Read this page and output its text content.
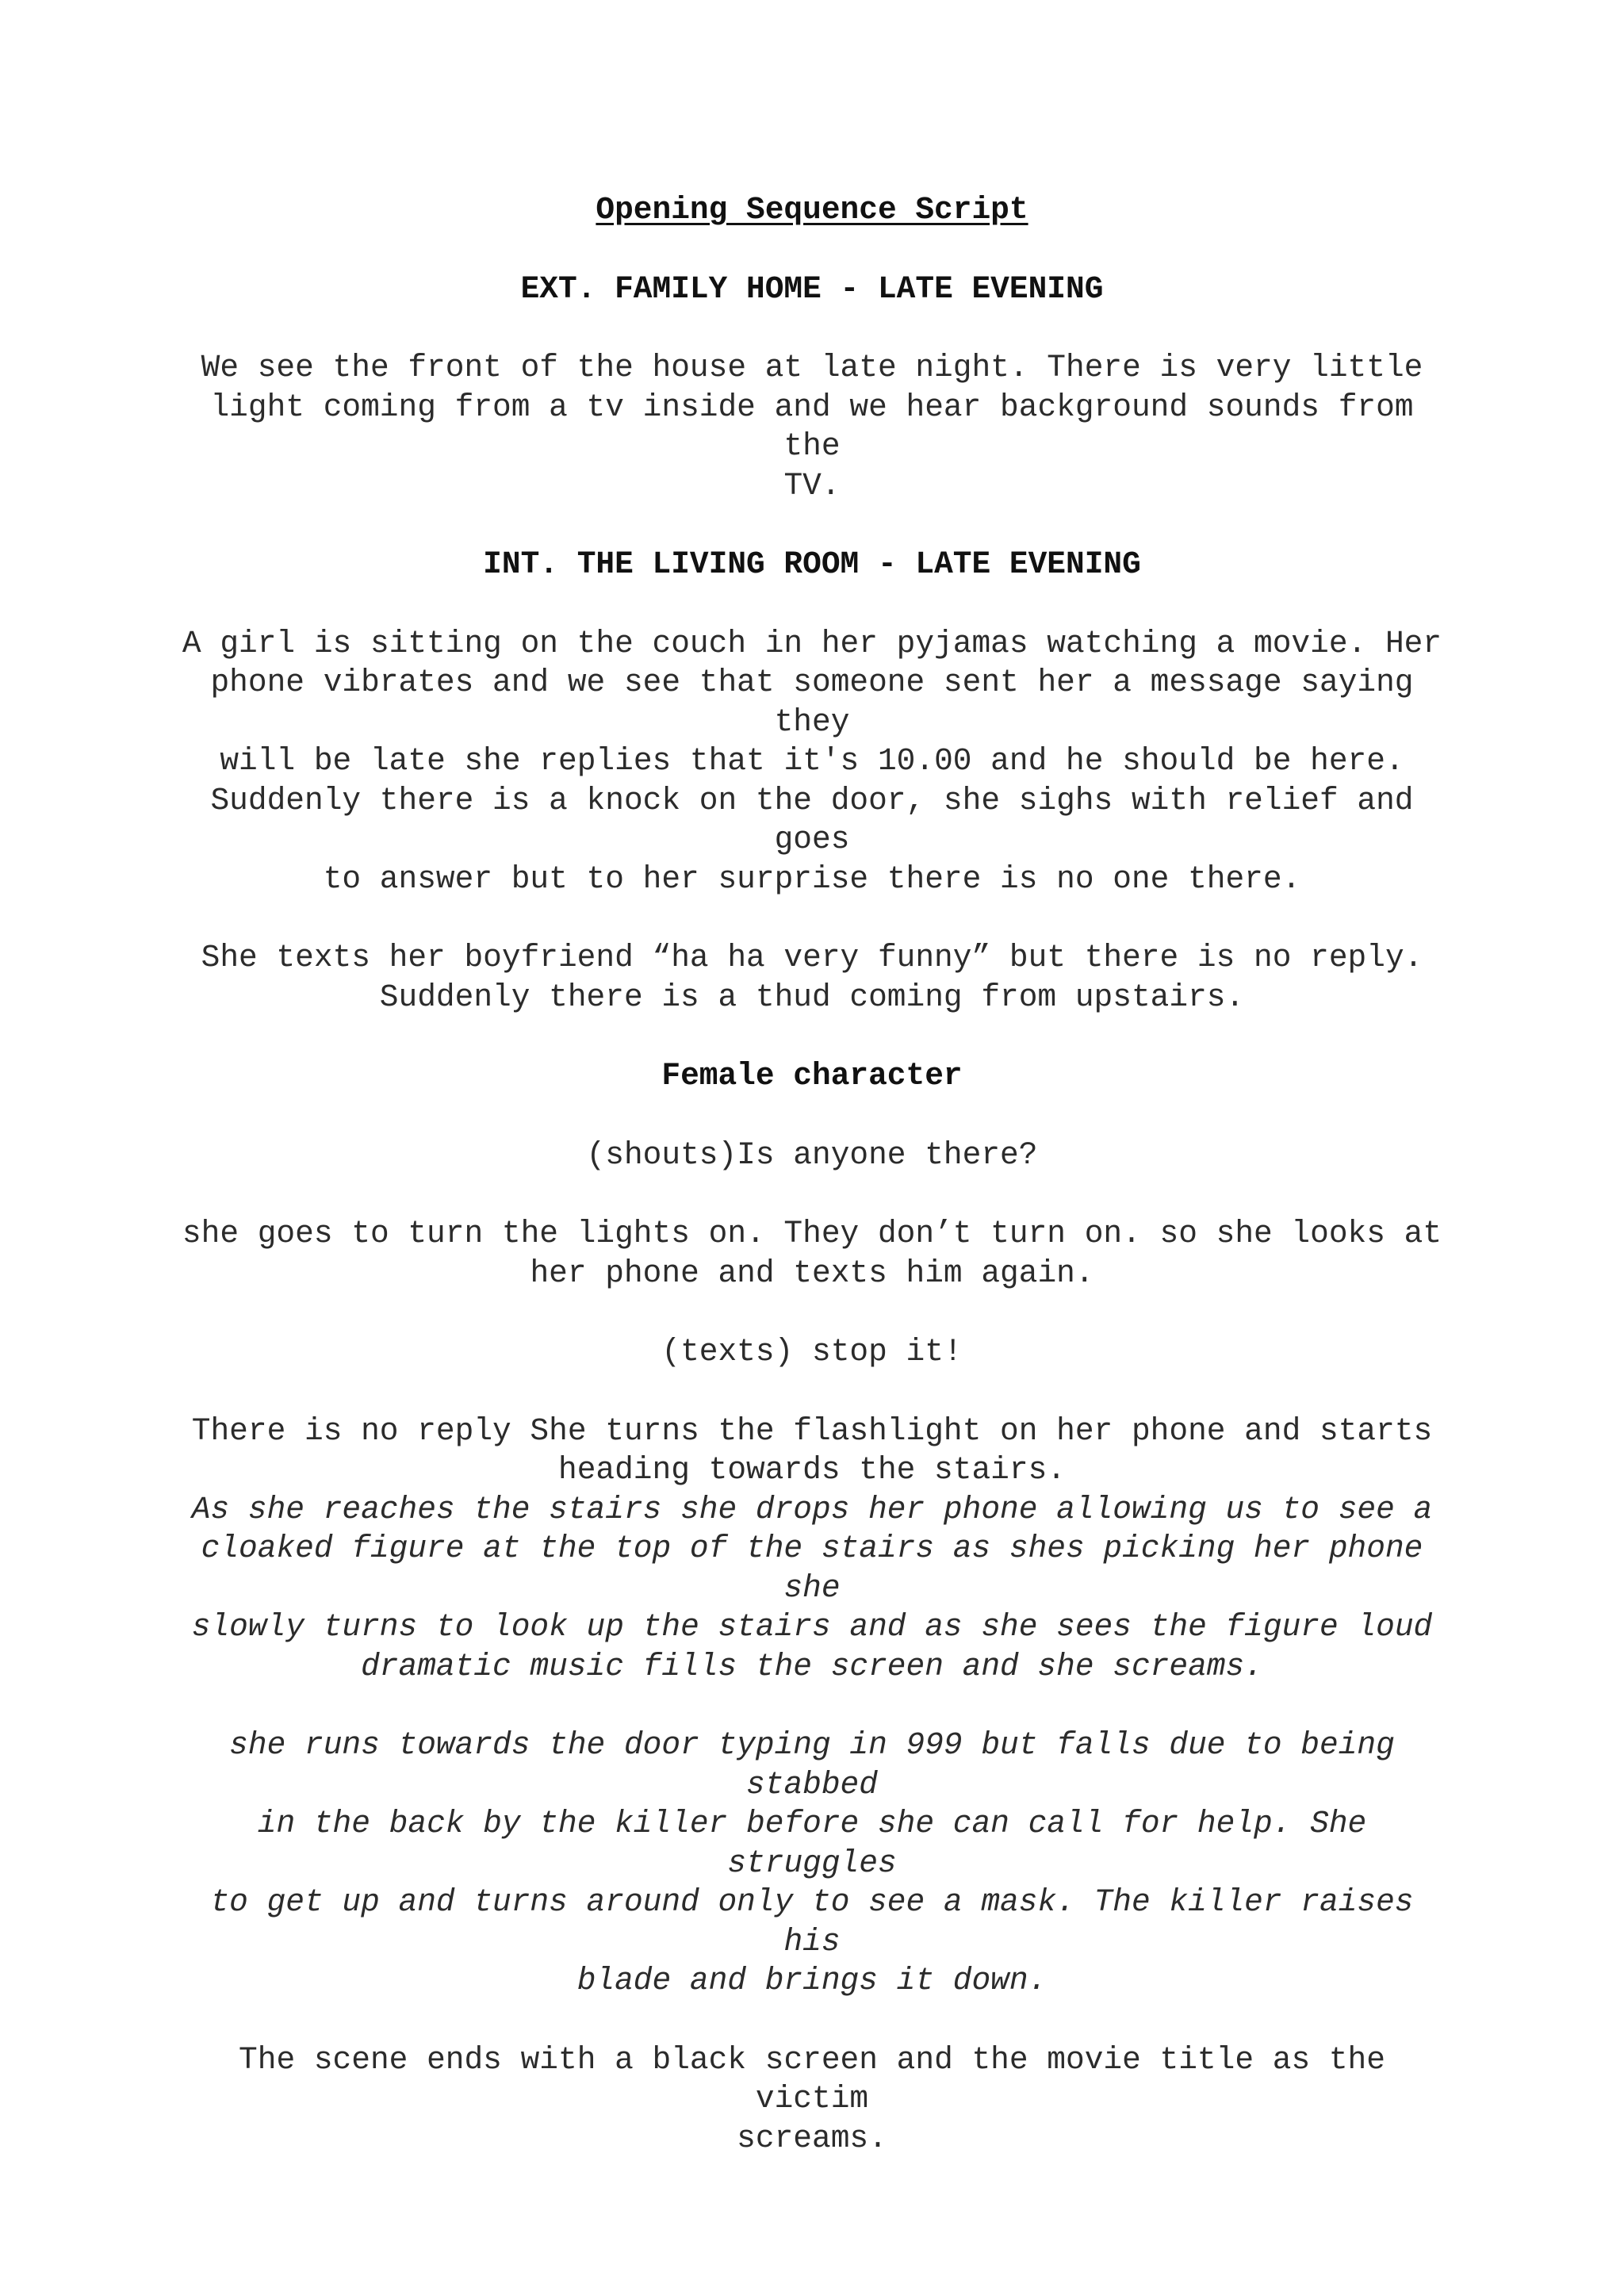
Opening Sequence Script
EXT. FAMILY HOME - LATE EVENING
We see the front of the house at late night. There is very little
light coming from a tv inside and we hear background sounds from the
TV.
INT. THE LIVING ROOM - LATE EVENING
A girl is sitting on the couch in her pyjamas watching a movie. Her
phone vibrates and we see that someone sent her a message saying they
will be late she replies that it's 10.00 and he should be here.
Suddenly there is a knock on the door, she sighs with relief and goes
to answer but to her surprise there is no one there.
She texts her boyfriend “ha ha very funny” but there is no reply.
Suddenly there is a thud coming from upstairs.
Female character
(shouts)Is anyone there?
she goes to turn the lights on. They don’t turn on. so she looks at
her phone and texts him again.
(texts) stop it!
There is no reply She turns the flashlight on her phone and starts
heading towards the stairs.
As she reaches the stairs she drops her phone allowing us to see a
cloaked figure at the top of the stairs as shes picking her phone she
slowly turns to look up the stairs and as she sees the figure loud
dramatic music fills the screen and she screams.
she runs towards the door typing in 999 but falls due to being stabbed
in the back by the killer before she can call for help. She struggles
to get up and turns around only to see a mask. The killer raises his
blade and brings it down.
The scene ends with a black screen and the movie title as the victim
screams.
